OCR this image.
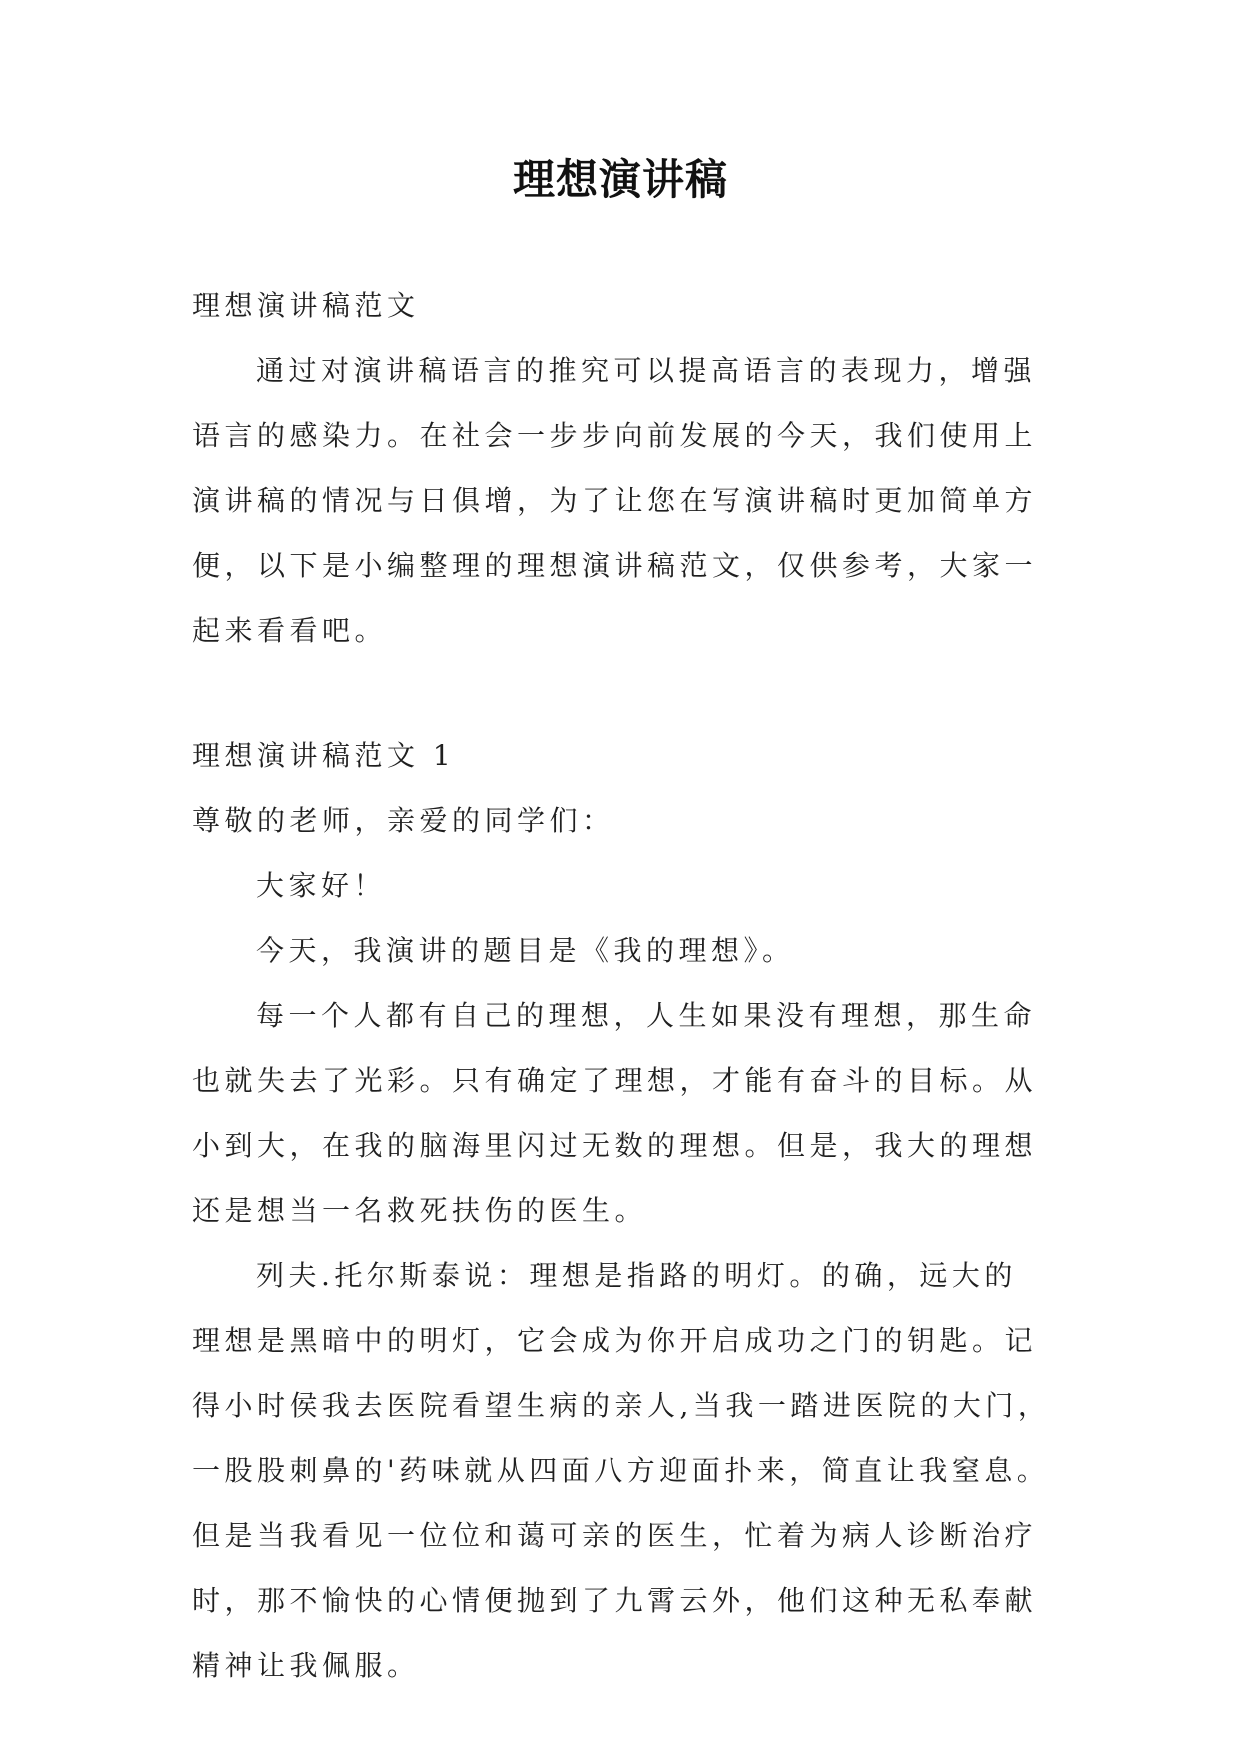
理想演讲稿
理想演讲稿范文
通过对演讲稿语言的推究可以提高语言的表现力，增强
语言的感染力。在社会一步步向前发展的今天，我们使用上
演讲稿的情况与日俱增，为了让您在写演讲稿时更加简单方
便，以下是小编整理的理想演讲稿范文，仅供参考，大家一
起来看看吧。
理想演讲稿范文 1
尊敬的老师，亲爱的同学们：
大家好！
今天，我演讲的题目是《我的理想》。
每一个人都有自己的理想，人生如果没有理想，那生命
也就失去了光彩。只有确定了理想，才能有奋斗的目标。从
小到大，在我的脑海里闪过无数的理想。但是，我大的理想
还是想当一名救死扶伤的医生。
列夫.托尔斯泰说：理想是指路的明灯。的确，远大的
理想是黑暗中的明灯，它会成为你开启成功之门的钥匙。记
得小时侯我去医院看望生病的亲人,当我一踏进医院的大门，
一股股刺鼻的'药味就从四面八方迎面扑来，简直让我窒息。
但是当我看见一位位和蔼可亲的医生，忙着为病人诊断治疗
时，那不愉快的心情便抛到了九霄云外，他们这种无私奉献
精神让我佩服。
